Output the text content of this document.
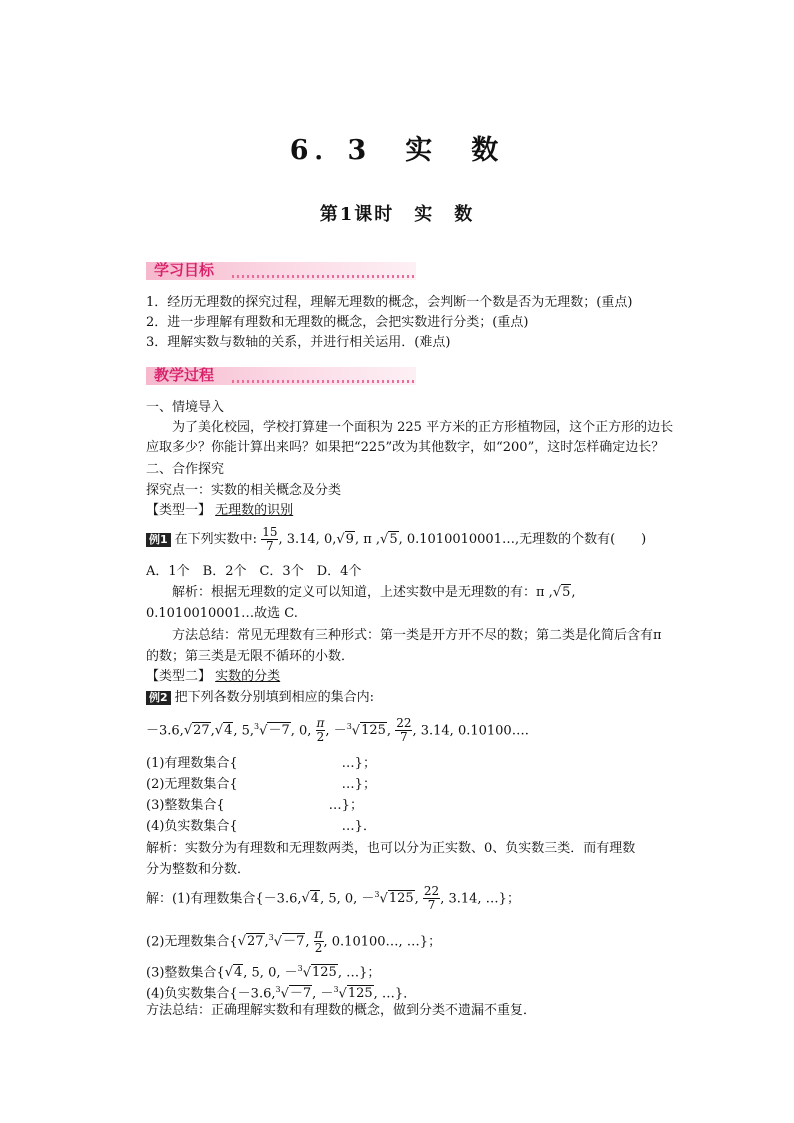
6．3　实　数
第1课时　实　数
学习目标
1．经历无理数的探究过程，理解无理数的概念，会判断一个数是否为无理数；(重点)
2．进一步理解有理数和无理数的概念，会把实数进行分类；(重点)
3．理解实数与数轴的关系，并进行相关运用．(难点)
教学过程
一、情境导入
为了美化校园，学校打算建一个面积为 225 平方米的正方形植物园，这个正方形的边长
应取多少？你能计算出来吗？如果把“225”改为其他数字，如“200”，这时怎样确定边长？
二、合作探究
探究点一：实数的相关概念及分类
【类型一】 无理数的识别
例1 在下列实数中: $\frac{15}{7}$ , 3.14, 0,√9, π ,√5, 0.1010010001…,无理数的个数有(　　)
A．1个　B．2个　C．3个　D．4个
解析：根据无理数的定义可以知道，上述实数中是无理数的有：π ,√5,
0.1010010001…故选 C.
方法总结：常见无理数有三种形式：第一类是开方开不尽的数；第二类是化简后含有π
的数；第三类是无限不循环的小数．
【类型二】 实数的分类
例2 把下列各数分别填到相应的集合内:
－3.6,√27,√4, 5,$^3$√－7, 0, $\frac{\pi}{2}$ , －$^3$√125, $\frac{22}{7}$ , 3.14, 0.10100….
(1)有理数集合{　　　　　　　　…}；
(2)无理数集合{　　　　　　　　…}；
(3)整数集合{　　　　　　　　…}；
(4)负实数集合{　　　　　　　　…}．
解析：实数分为有理数和无理数两类，也可以分为正实数、0、负实数三类．而有理数
分为整数和分数．
解：(1)有理数集合{－3.6,√4, 5, 0, －$^3$√125, $\frac{22}{7}$ , 3.14, …}；
(2)无理数集合{√27,$^3$√－7, $\frac{\pi}{2}$ , 0.10100…, …}；
(3)整数集合{√4, 5, 0, －$^3$√125, …}；
(4)负实数集合{－3.6,$^3$√－7, －$^3$√125, …}．
方法总结：正确理解实数和有理数的概念，做到分类不遗漏不重复．
